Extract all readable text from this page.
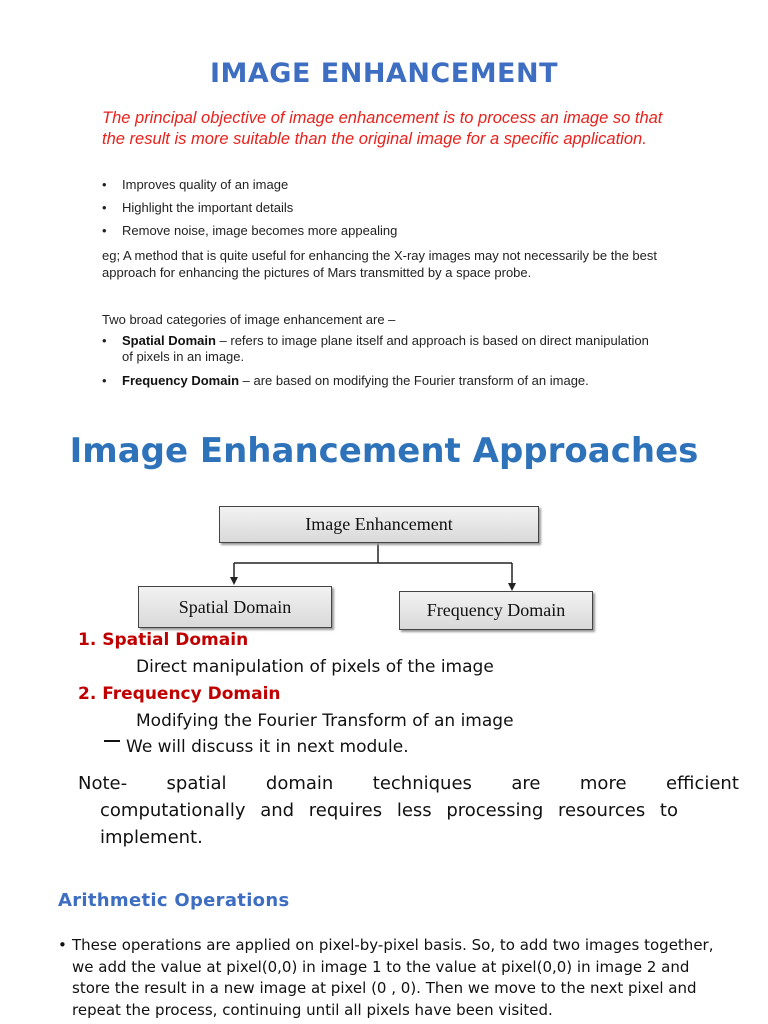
IMAGE ENHANCEMENT
The principal objective of image enhancement is to process an image so that the result is more suitable than the original image for a specific application.
• Improves quality of an image
• Highlight the important details
• Remove noise, image becomes more appealing
eg; A method that is quite useful for enhancing the X-ray images may not necessarily be the best approach for enhancing the pictures of Mars transmitted by a space probe.
Two broad categories of image enhancement are –
• Spatial Domain – refers to image plane itself and approach is based on direct manipulation of pixels in an image.
• Frequency Domain – are based on modifying the Fourier transform of an image.
Image Enhancement Approaches
Image Enhancement
Spatial Domain	Frequency Domain
1. Spatial Domain
Direct manipulation of pixels of the image
2. Frequency Domain
Modifying the Fourier Transform of an image
We will discuss it in next module.
Note-  spatial  domain  techniques  are  more  efficient
computationally and requires less processing resources to implement.
Arithmetic Operations
• These operations are applied on pixel-by-pixel basis. So, to add two images together, we add the value at pixel(0,0) in image 1 to the value at pixel(0,0) in image 2 and store the result in a new image at pixel (0 , 0). Then we move to the next pixel and repeat the process, continuing until all pixels have been visited.
